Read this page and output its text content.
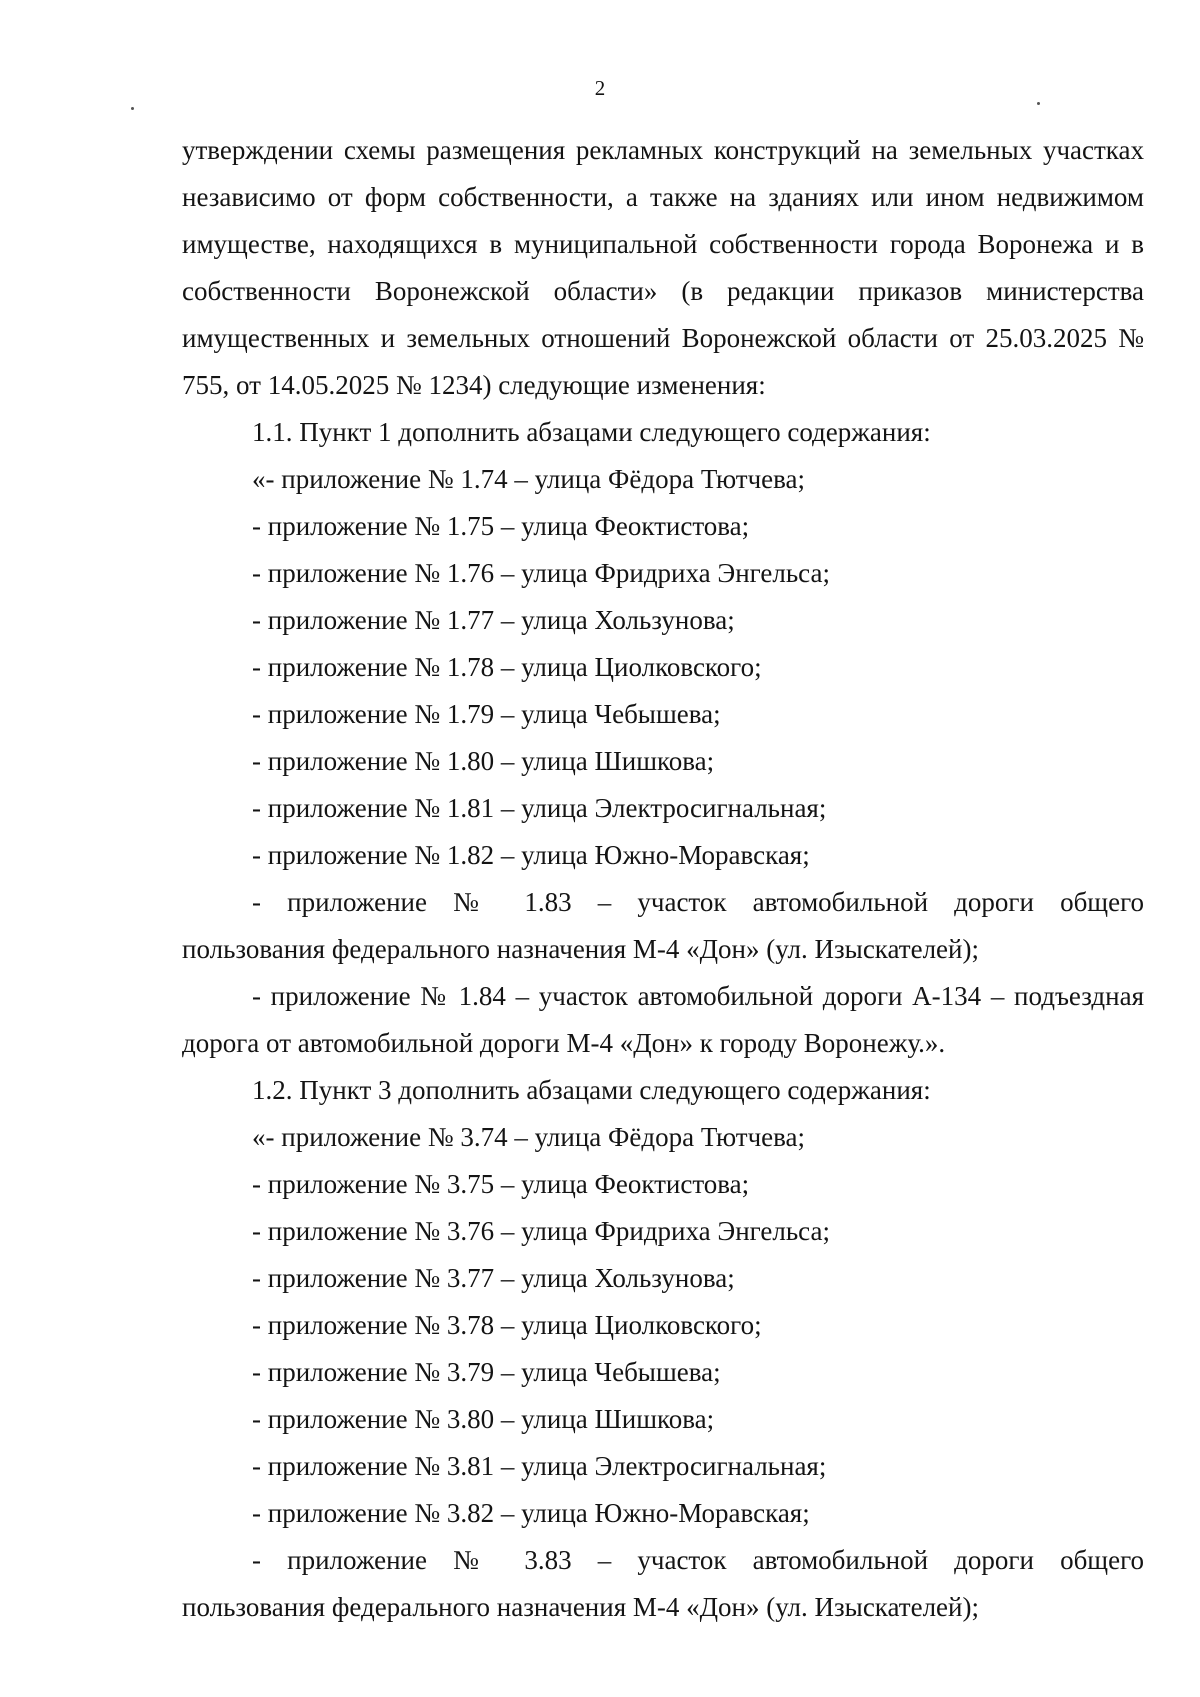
2

утверждении схемы размещения рекламных конструкций на земельных участках независимо от форм собственности, а также на зданиях или ином недвижимом имуществе, находящихся в муниципальной собственности города Воронежа и в собственности Воронежской области» (в редакции приказов министерства имущественных и земельных отношений Воронежской области от 25.03.2025 № 755, от 14.05.2025 № 1234) следующие изменения:

1.1. Пункт 1 дополнить абзацами следующего содержания:

«- приложение № 1.74 – улица Фёдора Тютчева;

- приложение № 1.75 – улица Феоктистова;

- приложение № 1.76 – улица Фридриха Энгельса;

- приложение № 1.77 – улица Хользунова;

- приложение № 1.78 – улица Циолковского;

- приложение № 1.79 – улица Чебышева;

- приложение № 1.80 – улица Шишкова;

- приложение № 1.81 – улица Электросигнальная;

- приложение № 1.82 – улица Южно-Моравская;

- приложение № 1.83 – участок автомобильной дороги общего

пользования федерального назначения М-4 «Дон» (ул. Изыскателей);

- приложение № 1.84 – участок автомобильной дороги А-134 – подъездная дорога от автомобильной дороги М-4 «Дон» к городу Воронежу.».

1.2. Пункт 3 дополнить абзацами следующего содержания:

«- приложение № 3.74 – улица Фёдора Тютчева;

- приложение № 3.75 – улица Феоктистова;

- приложение № 3.76 – улица Фридриха Энгельса;

- приложение № 3.77 – улица Хользунова;

- приложение № 3.78 – улица Циолковского;

- приложение № 3.79 – улица Чебышева;

- приложение № 3.80 – улица Шишкова;

- приложение № 3.81 – улица Электросигнальная;

- приложение № 3.82 – улица Южно-Моравская;

- приложение № 3.83 – участок автомобильной дороги общего

пользования федерального назначения М-4 «Дон» (ул. Изыскателей);
